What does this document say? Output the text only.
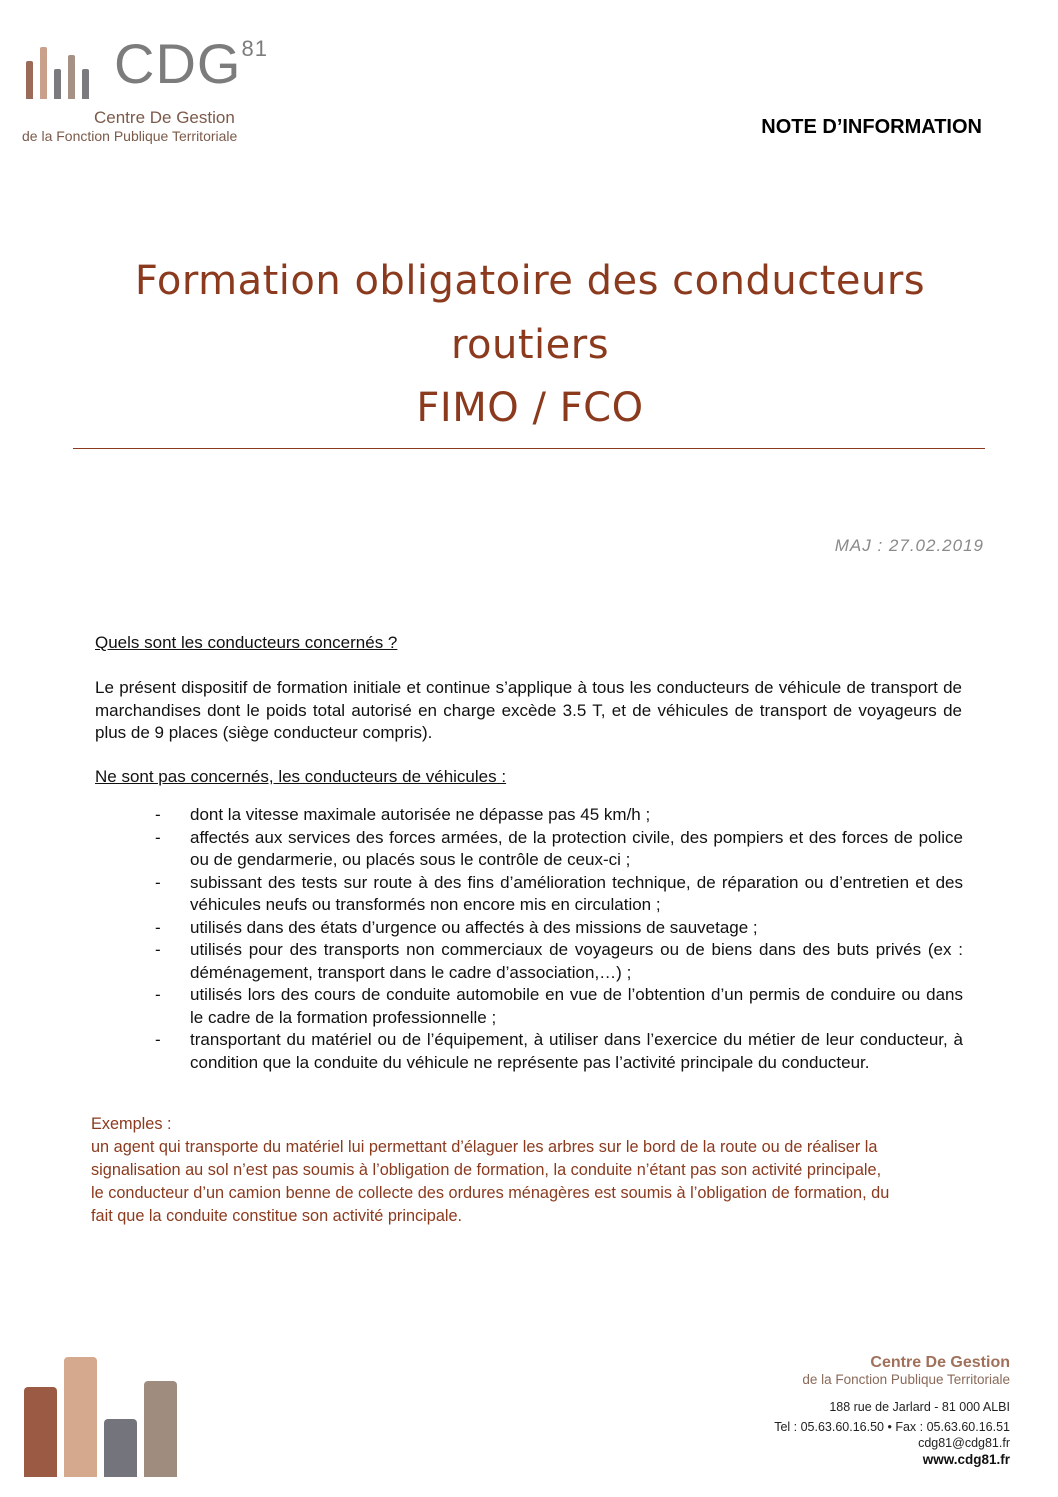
CDG$^{81}$
Centre De Gestion
de la Fonction Publique Territoriale	NOTE D’INFORMATION
Formation obligatoire des conducteurs
routiers
FIMO / FCO
MAJ : 27.02.2019
Quels sont les conducteurs concernés ?
Le présent dispositif de formation initiale et continue s’applique à tous les conducteurs de véhicule de transport de marchandises dont le poids total autorisé en charge excède 3.5 T, et de véhicules de transport de voyageurs de plus de 9 places (siège conducteur compris).
Ne sont pas concernés, les conducteurs de véhicules :
- dont la vitesse maximale autorisée ne dépasse pas 45 km/h ;
- affectés aux services des forces armées, de la protection civile, des pompiers et des forces de police ou de gendarmerie, ou placés sous le contrôle de ceux-ci ;
- subissant des tests sur route à des fins d’amélioration technique, de réparation ou d’entretien et des véhicules neufs ou transformés non encore mis en circulation ;
- utilisés dans des états d’urgence ou affectés à des missions de sauvetage ;
- utilisés pour des transports non commerciaux de voyageurs ou de biens dans des buts privés (ex : déménagement, transport dans le cadre d’association,…) ;
- utilisés lors des cours de conduite automobile en vue de l’obtention d’un permis de conduire ou dans le cadre de la formation professionnelle ;
- transportant du matériel ou de l’équipement, à utiliser dans l’exercice du métier de leur conducteur, à condition que la conduite du véhicule ne représente pas l’activité principale du conducteur.
Exemples :
un agent qui transporte du matériel lui permettant d’élaguer les arbres sur le bord de la route ou de réaliser la
signalisation au sol n’est pas soumis à l’obligation de formation, la conduite n’étant pas son activité principale,
le conducteur d’un camion benne de collecte des ordures ménagères est soumis à l’obligation de formation, du
fait que la conduite constitue son activité principale.
Centre De Gestion
de la Fonction Publique Territoriale
188 rue de Jarlard - 81 000 ALBI
Tel : 05.63.60.16.50 • Fax : 05.63.60.16.51
cdg81@cdg81.fr
www.cdg81.fr
